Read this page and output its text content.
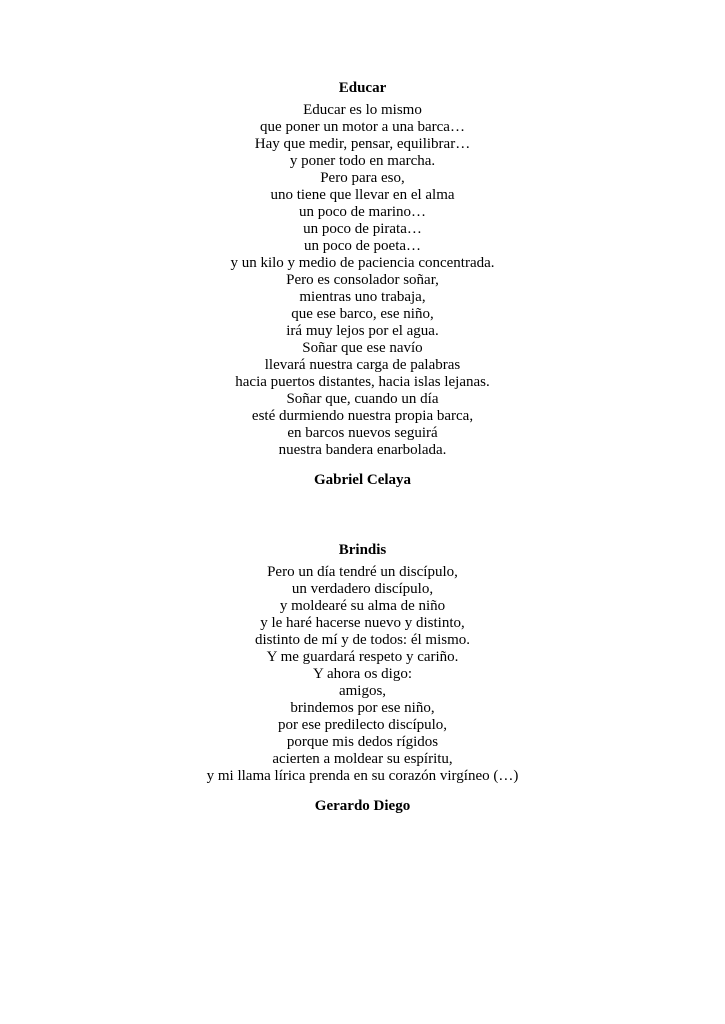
Educar
Educar es lo mismo
que poner un motor a una barca…
Hay que medir, pensar, equilibrar…
y poner todo en marcha.
Pero para eso,
uno tiene que llevar en el alma
un poco de marino…
un poco de pirata…
un poco de poeta…
y un kilo y medio de paciencia concentrada.
Pero es consolador soñar,
mientras uno trabaja,
que ese barco, ese niño,
irá muy lejos por el agua.
Soñar que ese navío
llevará nuestra carga de palabras
hacia puertos distantes, hacia islas lejanas.
Soñar que, cuando un día
esté durmiendo nuestra propia barca,
en barcos nuevos seguirá
nuestra bandera enarbolada.
Gabriel Celaya
Brindis
Pero un día tendré un discípulo,
un verdadero discípulo,
y moldearé su alma de niño
y le haré hacerse nuevo y distinto,
distinto de mí y de todos: él mismo.
Y me guardará respeto y cariño.
Y ahora os digo:
amigos,
brindemos por ese niño,
por ese predilecto discípulo,
porque mis dedos rígidos
acierten a moldear su espíritu,
y mi llama lírica prenda en su corazón virgíneo (…)
Gerardo Diego
